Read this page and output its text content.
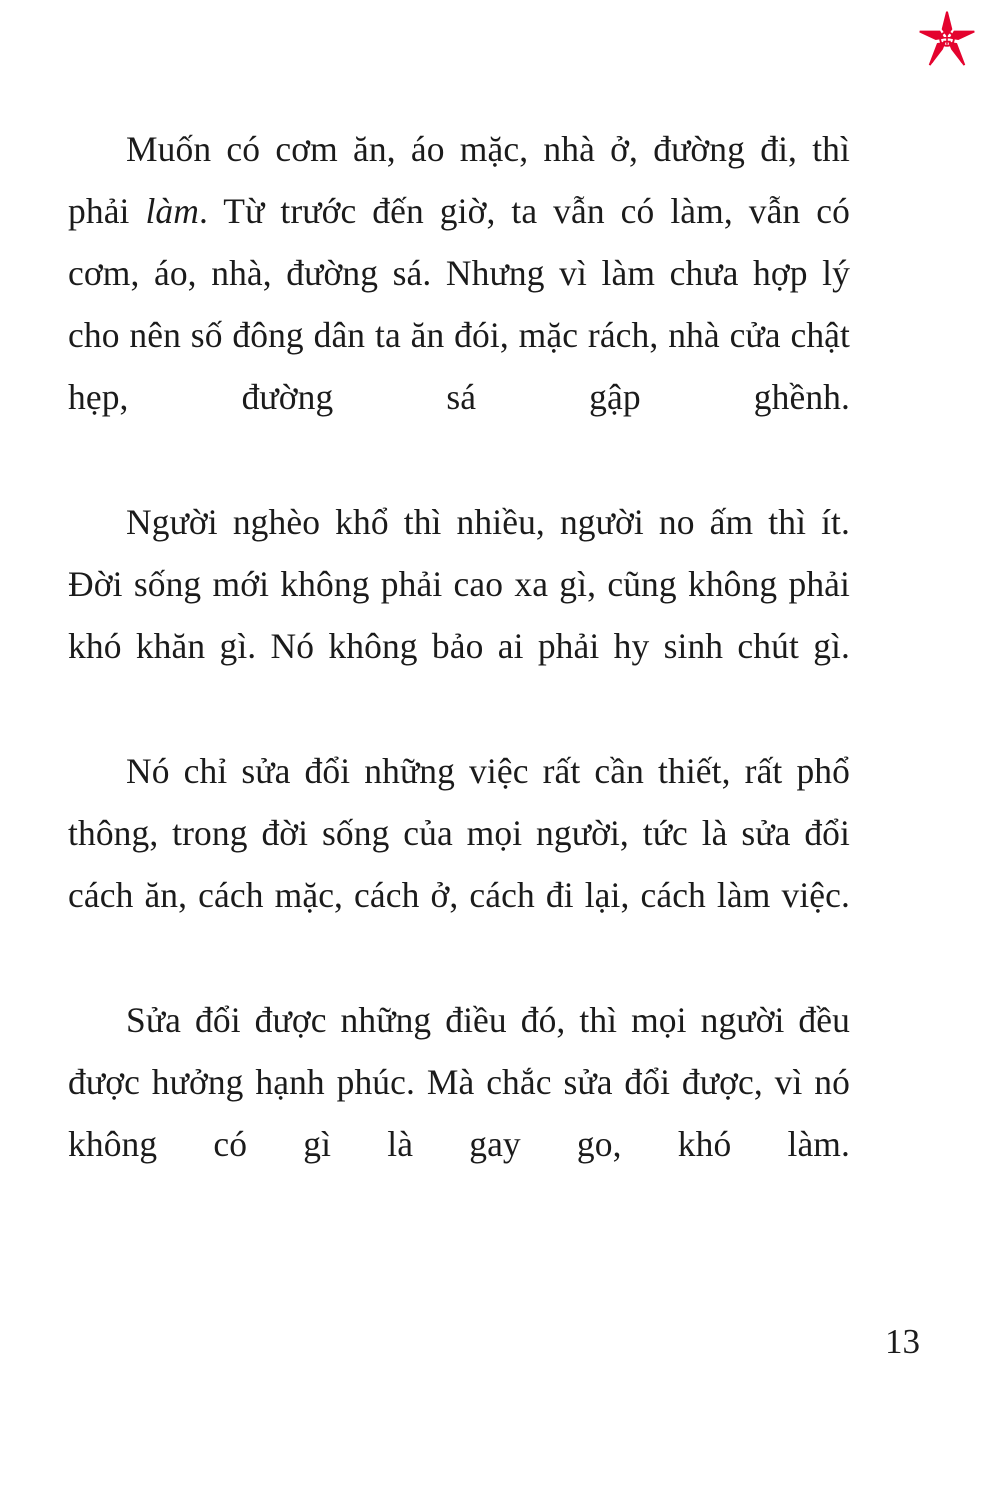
Muốn có cơm ăn, áo mặc, nhà ở, đường đi, thì phải làm. Từ trước đến giờ, ta vẫn có làm, vẫn có cơm, áo, nhà, đường sá. Nhưng vì làm chưa hợp lý cho nên số đông dân ta ăn đói, mặc rách, nhà cửa chật hẹp, đường sá gập ghềnh.

Người nghèo khổ thì nhiều, người no ấm thì ít. Đời sống mới không phải cao xa gì, cũng không phải khó khăn gì. Nó không bảo ai phải hy sinh chút gì.

Nó chỉ sửa đổi những việc rất cần thiết, rất phổ thông, trong đời sống của mọi người, tức là sửa đổi cách ăn, cách mặc, cách ở, cách đi lại, cách làm việc.

Sửa đổi được những điều đó, thì mọi người đều được hưởng hạnh phúc. Mà chắc sửa đổi được, vì nó không có gì là gay go, khó làm.

13
